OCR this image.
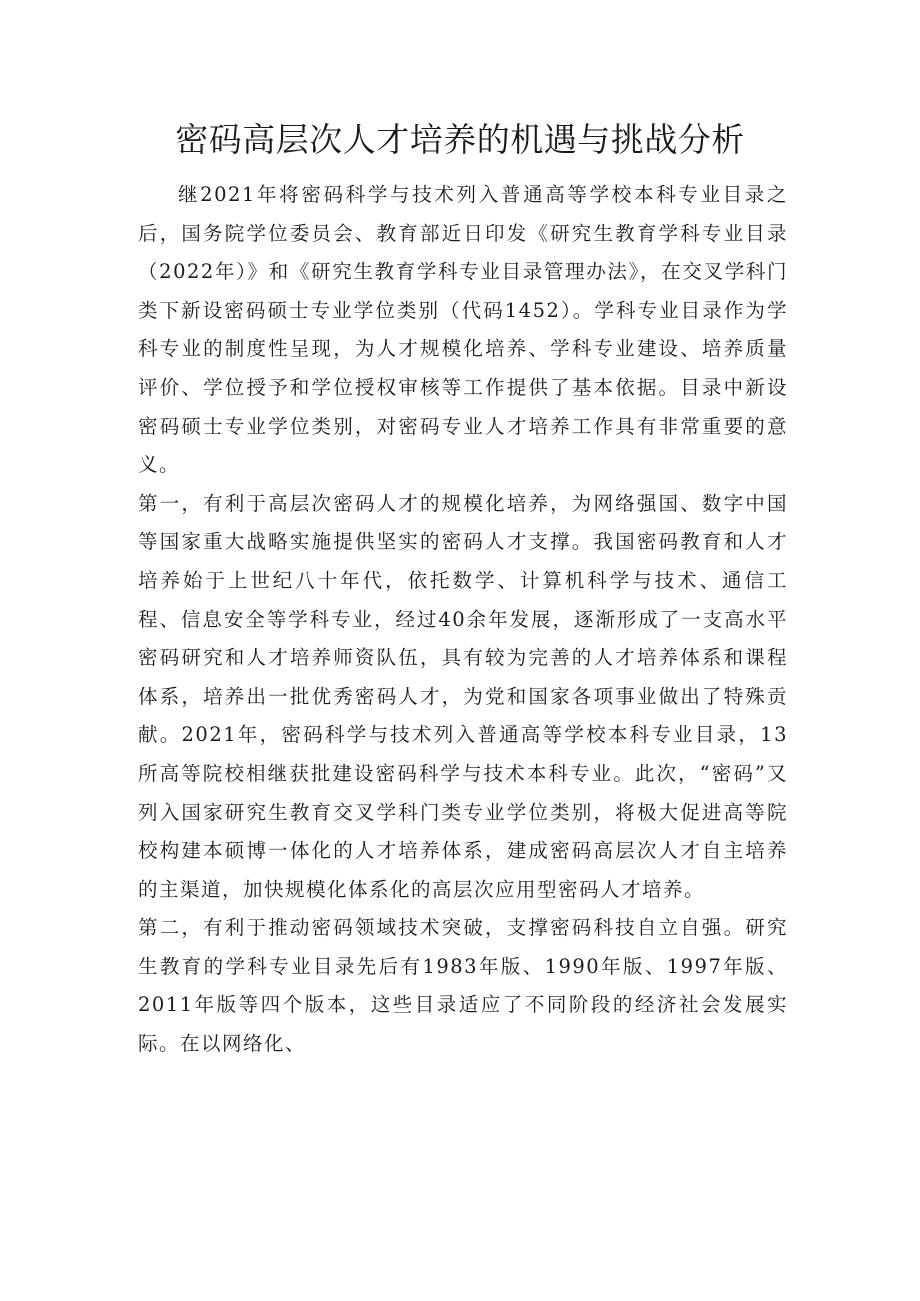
密码高层次人才培养的机遇与挑战分析

继2021年将密码科学与技术列入普通高等学校本科专业目录之后，国务院学位委员会、教育部近日印发《研究生教育学科专业目录（2022年）》和《研究生教育学科专业目录管理办法》，在交叉学科门类下新设密码硕士专业学位类别（代码1452）。学科专业目录作为学科专业的制度性呈现，为人才规模化培养、学科专业建设、培养质量评价、学位授予和学位授权审核等工作提供了基本依据。目录中新设密码硕士专业学位类别，对密码专业人才培养工作具有非常重要的意义。

第一，有利于高层次密码人才的规模化培养，为网络强国、数字中国等国家重大战略实施提供坚实的密码人才支撑。我国密码教育和人才培养始于上世纪八十年代，依托数学、计算机科学与技术、通信工程、信息安全等学科专业，经过40余年发展，逐渐形成了一支高水平密码研究和人才培养师资队伍，具有较为完善的人才培养体系和课程体系，培养出一批优秀密码人才，为党和国家各项事业做出了特殊贡献。2021年，密码科学与技术列入普通高等学校本科专业目录，13所高等院校相继获批建设密码科学与技术本科专业。此次，“密码”又列入国家研究生教育交叉学科门类专业学位类别，将极大促进高等院校构建本硕博一体化的人才培养体系，建成密码高层次人才自主培养的主渠道，加快规模化体系化的高层次应用型密码人才培养。

第二，有利于推动密码领域技术突破，支撑密码科技自立自强。研究生教育的学科专业目录先后有1983年版、1990年版、1997年版、2011年版等四个版本，这些目录适应了不同阶段的经济社会发展实际。在以网络化、
